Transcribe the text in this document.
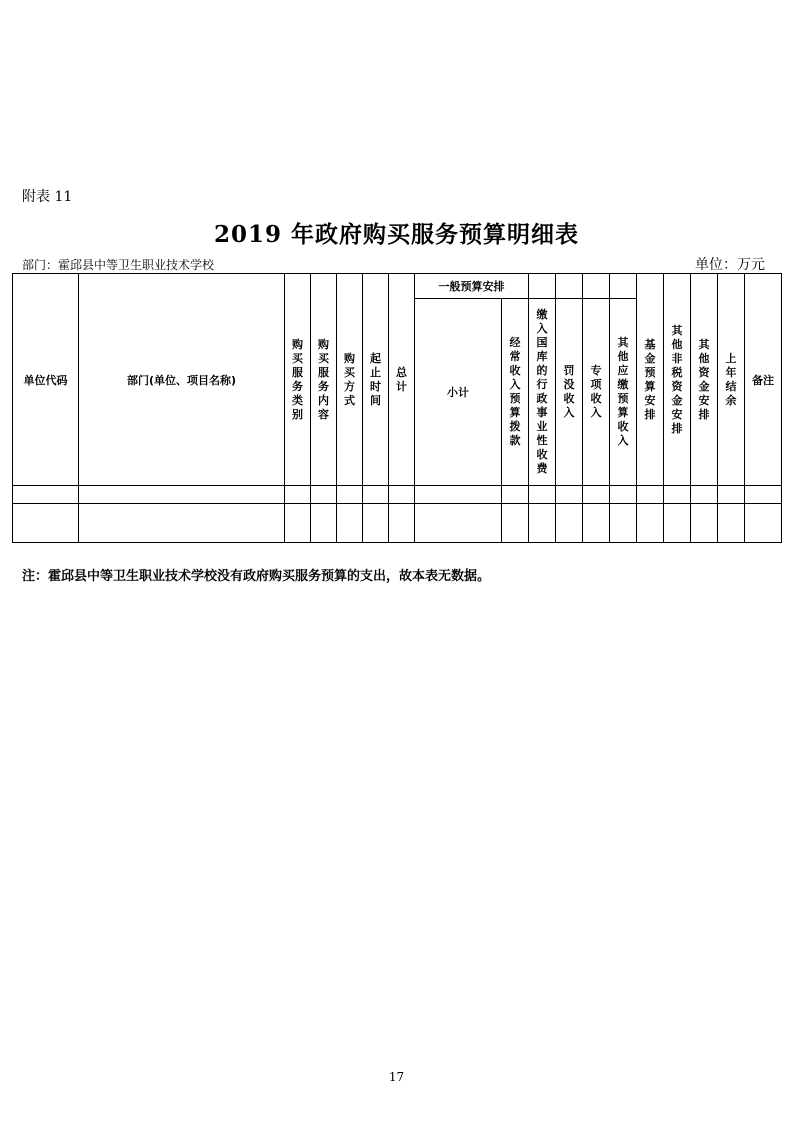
附表 11
2019 年政府购买服务预算明细表
部门：霍邱县中等卫生职业技术学校	单位：万元
单位代码	部门(单位、项目名称)	购买服务类别	购买服务内容	购买方式	起止时间	总计	一般预算安排						基金预算安排	其他非税资金安排	其他资金安排	上年结余	备注
							小计	经常收入预算拨款	缴入国库的行政事业性收费	罚没收入	专项收入	其他应缴预算收入					

注：霍邱县中等卫生职业技术学校没有政府购买服务预算的支出，故本表无数据。
17
